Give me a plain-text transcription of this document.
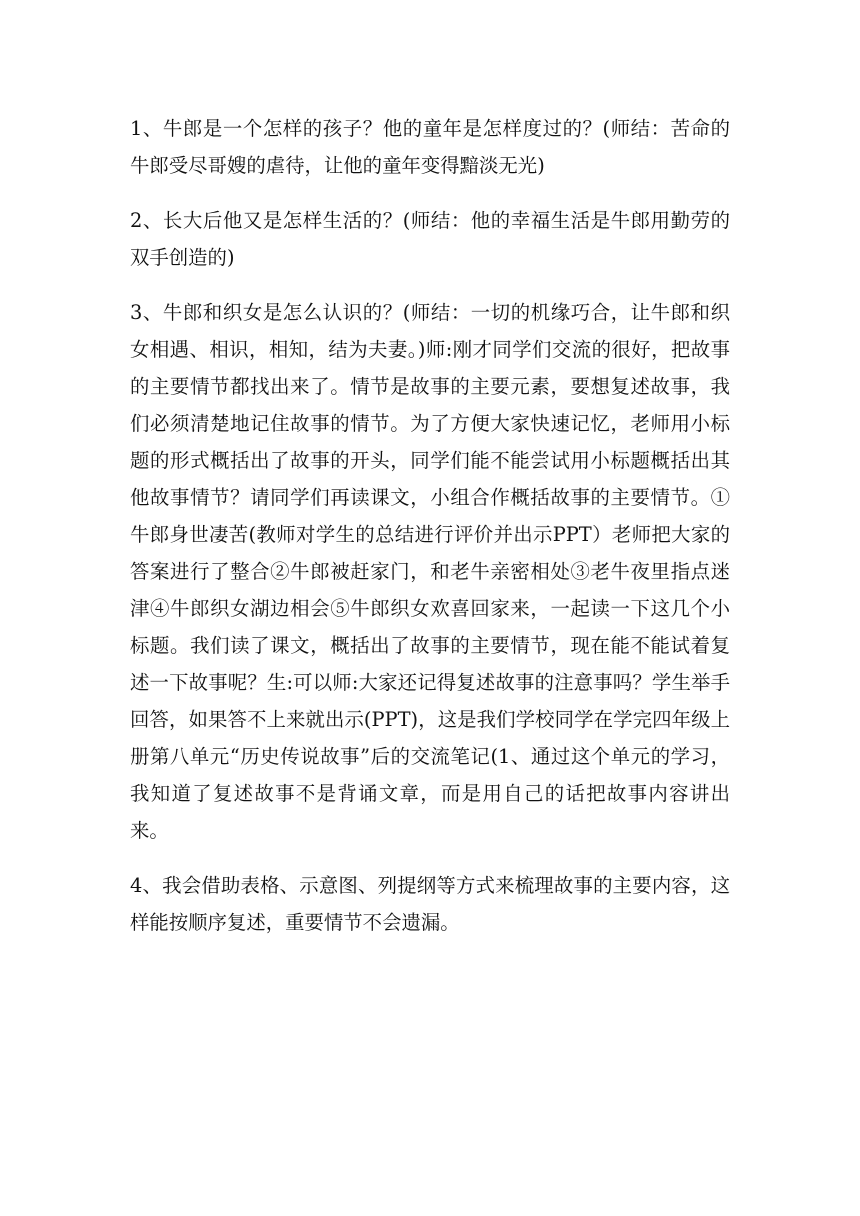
1、牛郎是一个怎样的孩子？他的童年是怎样度过的？(师结：苦命的牛郎受尽哥嫂的虐待，让他的童年变得黯淡无光)

2、长大后他又是怎样生活的？(师结：他的幸福生活是牛郎用勤劳的双手创造的)

3、牛郎和织女是怎么认识的？(师结：一切的机缘巧合，让牛郎和织女相遇、相识，相知，结为夫妻。)师:刚才同学们交流的很好，把故事的主要情节都找出来了。情节是故事的主要元素，要想复述故事，我们必须清楚地记住故事的情节。为了方便大家快速记忆，老师用小标题的形式概括出了故事的开头，同学们能不能尝试用小标题概括出其他故事情节？请同学们再读课文，小组合作概括故事的主要情节。①牛郎身世凄苦(教师对学生的总结进行评价并出示PPT）老师把大家的答案进行了整合②牛郎被赶家门，和老牛亲密相处③老牛夜里指点迷津④牛郎织女湖边相会⑤牛郎织女欢喜回家来，一起读一下这几个小标题。我们读了课文，概括出了故事的主要情节，现在能不能试着复述一下故事呢？生:可以师:大家还记得复述故事的注意事吗？学生举手回答，如果答不上来就出示(PPT)，这是我们学校同学在学完四年级上册第八单元“历史传说故事”后的交流笔记(1、通过这个单元的学习，我知道了复述故事不是背诵文章，而是用自己的话把故事内容讲出来。

4、我会借助表格、示意图、列提纲等方式来梳理故事的主要内容，这样能按顺序复述，重要情节不会遗漏。
